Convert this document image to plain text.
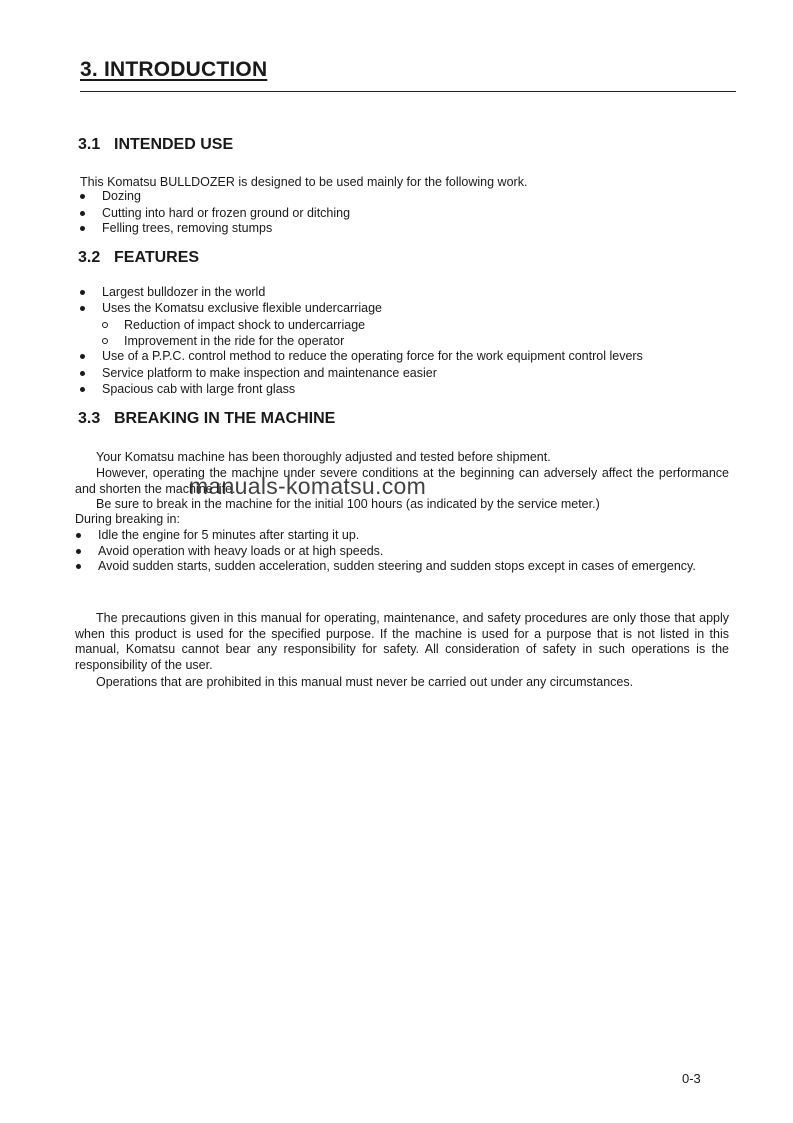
3. INTRODUCTION
3.1 INTENDED USE

This Komatsu BULLDOZER is designed to be used mainly for the following work.

Dozing
Cutting into hard or frozen ground or ditching
Felling trees, removing stumps
3.2 FEATURES
Largest bulldozer in the world
Uses the Komatsu exclusive flexible undercarriage
Reduction of impact shock to undercarriage
Improvement in the ride for the operator
Use of a P.P.C. control method to reduce the operating force for the work equipment control levers
Service platform to make inspection and maintenance easier
Spacious cab with large front glass
3.3 BREAKING IN THE MACHINE

Your Komatsu machine has been thoroughly adjusted and tested before shipment.

However, operating the machine under severe conditions at the beginning can adversely affect the performance and shorten the machine life.

Be sure to break in the machine for the initial 100 hours (as indicated by the service meter.)

During breaking in:

Idle the engine for 5 minutes after starting it up.
Avoid operation with heavy loads or at high speeds.
Avoid sudden starts, sudden acceleration, sudden steering and sudden stops except in cases of emergency.

The precautions given in this manual for operating, maintenance, and safety procedures are only those that apply when this product is used for the specified purpose. If the machine is used for a purpose that is not listed in this manual, Komatsu cannot bear any responsibility for safety. All consideration of safety in such operations is the responsibility of the user.

Operations that are prohibited in this manual must never be carried out under any circumstances.

manuals-komatsu.com

0-3
